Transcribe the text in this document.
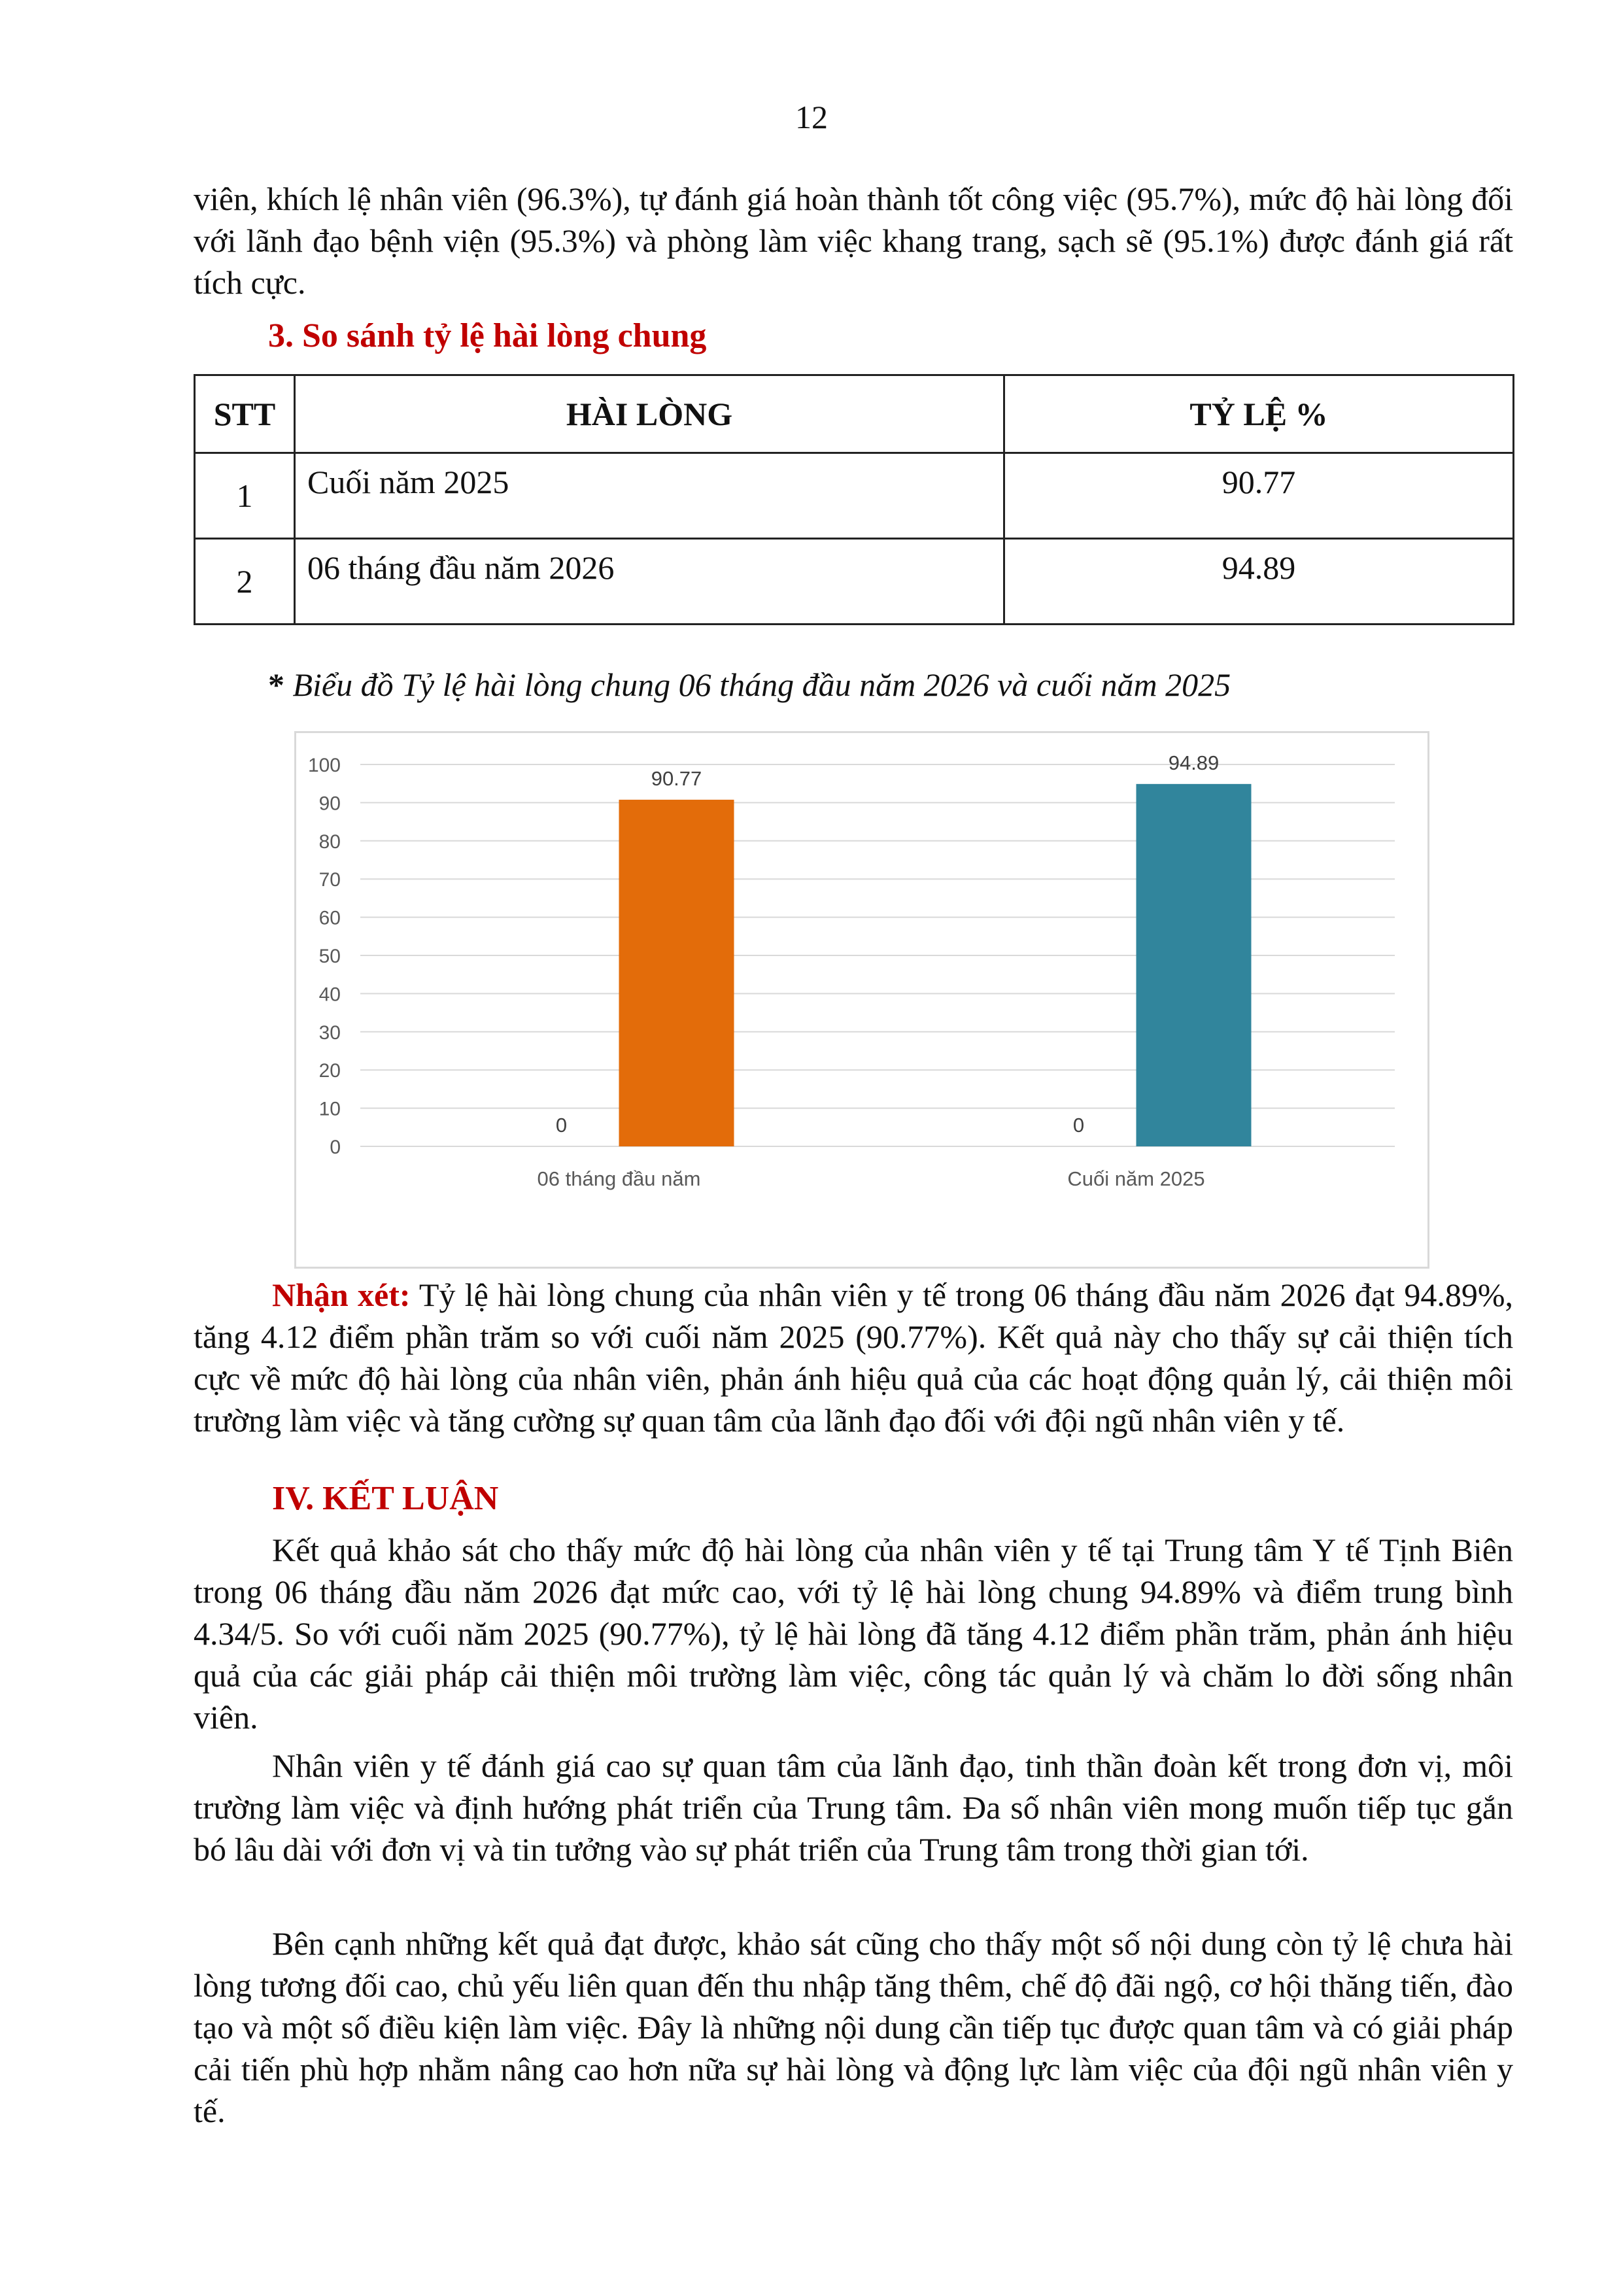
12

viên, khích lệ nhân viên (96.3%), tự đánh giá hoàn thành tốt công việc (95.7%), mức độ hài lòng đối với lãnh đạo bệnh viện (95.3%) và phòng làm việc khang trang, sạch sẽ (95.1%) được đánh giá rất tích cực.

3. So sánh tỷ lệ hài lòng chung
STT	HÀI LÒNG	TỶ LỆ %
1	Cuối năm 2025	90.77
2	06 tháng đầu năm 2026	94.89
* Biểu đồ Tỷ lệ hài lòng chung 06 tháng đầu năm 2026 và cuối năm 2025
0
10
20
30
40
50
60
70
80
90
100
0
90.77
06 tháng đầu năm
0
94.89
Cuối năm 2025

Nhận xét: Tỷ lệ hài lòng chung của nhân viên y tế trong 06 tháng đầu năm 2026 đạt 94.89%, tăng 4.12 điểm phần trăm so với cuối năm 2025 (90.77%). Kết quả này cho thấy sự cải thiện tích cực về mức độ hài lòng của nhân viên, phản ánh hiệu quả của các hoạt động quản lý, cải thiện môi trường làm việc và tăng cường sự quan tâm của lãnh đạo đối với đội ngũ nhân viên y tế.

IV. KẾT LUẬN

Kết quả khảo sát cho thấy mức độ hài lòng của nhân viên y tế tại Trung tâm Y tế Tịnh Biên trong 06 tháng đầu năm 2026 đạt mức cao, với tỷ lệ hài lòng chung 94.89% và điểm trung bình 4.34/5. So với cuối năm 2025 (90.77%), tỷ lệ hài lòng đã tăng 4.12 điểm phần trăm, phản ánh hiệu quả của các giải pháp cải thiện môi trường làm việc, công tác quản lý và chăm lo đời sống nhân viên.

Nhân viên y tế đánh giá cao sự quan tâm của lãnh đạo, tinh thần đoàn kết trong đơn vị, môi trường làm việc và định hướng phát triển của Trung tâm. Đa số nhân viên mong muốn tiếp tục gắn bó lâu dài với đơn vị và tin tưởng vào sự phát triển của Trung tâm trong thời gian tới.

Bên cạnh những kết quả đạt được, khảo sát cũng cho thấy một số nội dung còn tỷ lệ chưa hài lòng tương đối cao, chủ yếu liên quan đến thu nhập tăng thêm, chế độ đãi ngộ, cơ hội thăng tiến, đào tạo và một số điều kiện làm việc. Đây là những nội dung cần tiếp tục được quan tâm và có giải pháp cải tiến phù hợp nhằm nâng cao hơn nữa sự hài lòng và động lực làm việc của đội ngũ nhân viên y tế.
